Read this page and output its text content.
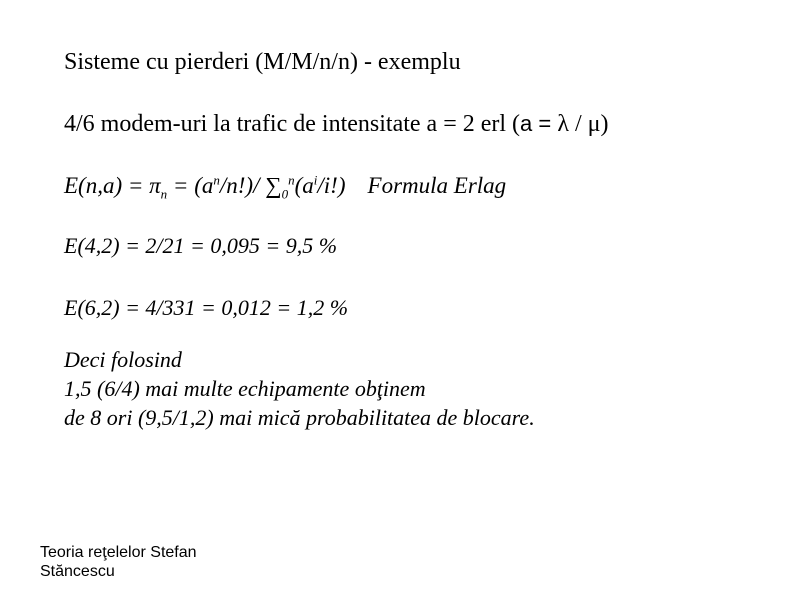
Sisteme cu pierderi (M/M/n/n) - exemplu
4/6 modem-uri la trafic de intensitate a = 2 erl (a = λ / μ)
$E(n,a) = \pi_n = (a^n/n!)/$ $\sum_0^n(a^i/i!)$ Formula Erlag
E(4,2) = 2/21 = 0,095 = 9,5 %
E(6,2) = 4/331 = 0,012 = 1,2 %
Deci folosind
1,5 (6/4) mai multe echipamente obţinem
de 8 ori (9,5/1,2) mai mică probabilitatea de blocare.
Teoria reţelelor Stefan Stăncescu
